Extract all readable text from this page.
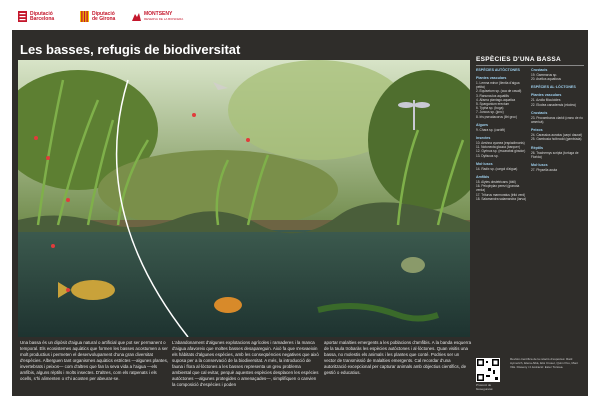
Diputació
Barcelona
Diputació
de Girona
MONTSENY
RESERVA DE LA BIOSFERA
Les basses, refugis de biodiversitat
Una bassa és un dipòsit d'aigua natural o artificial que pot ser permanent o temporal. Els ecosistemes aquàtics que formen les basses acostumen a ser molt productius i permeten el desenvolupament d'una gran diversitat d'espècies. Alberguen tant organismes aquàtics estrictes —algunes plantes, invertebrats i peixos— com d'altres que fan la seva vida a l'aigua —els amfibis, alguns rèptils i molts insectes. D'altres, com els ratpenats i els ocells, s'hi alimenten o s'hi acosten per abeurar-se.
L'abandonament d'algunes explotacions agrícoles i ramaderes i la manca d'aigua afavoreix que moltes basses desapareguin. Això fa que s'esvaeixin els hàbitats d'algunes espècies, amb les conseqüències negatives que això suposa per a la conservació de la biodiversitat. A més, la introducció de fauna i flora al·lòctones a les basses representa un greu problema ambiental que cal evitar, perquè aquestes espècies desplacen les espècies autòctones —algunes protegides o amenaçades—, simplifiquen o canvien la composició d'espècies i poden
aportar malalties emergents a les poblacions d'amfibis. A la banda esquerra de la taula trobaràs les espècies autòctones i al·lòctones. Quan visitis una bassa, no molestis els animals i les plantes que conté. Podries ser un vector de transmissió de malalties emergents. Cal recordar d'una autorització excepcional per capturar animals amb objectius científics, de gestió o educatius.
ESPÈCIES D'UNA BASSA
ESPÈCIES AUTÒCTONES
Plantes vasculars
1. Lemna minor (llentia d'aigua petita)
2. Equisetum sp. (cua de cavall)
3. Ranunculus aquatilis
4. Alisma plantago-aquatica
5. Sparganium erectum
6. Typha sp. (boga)
7. Juncus sp. (jonc)
8. Iris pseudacorus (lliri groc)
Algues
9. Chara sp. (caròfit)
Insectes
10. Aeshna cyanea (espiadimonis)
11. Notonecta glauca (barquer)
12. Gyrinus sp. (escarabat girador)
13. Dytiscus sp.
Mol·luscs
14. Radix sp. (cargol d'aigua)
Amfibis
15. Alytes obstetricans (tòtil)
16. Pelophylax perezi (granota verda)
17. Triturus marmoratus (tritó verd)
18. Salamandra salamandra (larva)
Crustacis
19. Gammarus sp.
20. Asellus aquaticus
ESPÈCIES AL·LÒCTONES
Plantes vasculars
21. Azolla filiculoides
22. Elodea canadensis (elodea)
Crustacis
23. Procambarus clarkii (cranc de riu americà)
Peixos
24. Carassius auratus (carpí daurat)
25. Gambusia holbrooki (gambúsia)
Rèptils
26. Trachemys scripta (tortuga de Florida)
Mol·luscs
27. Physella acuta
Protocol de bioseguretat
Revisió científica de la relació d'espècies: Raül Aymerich, Elena Albà, Eloi Cruset, Quim Pou, Marc Vilà. Disseny i il·lustració: Ester Tortosa.
